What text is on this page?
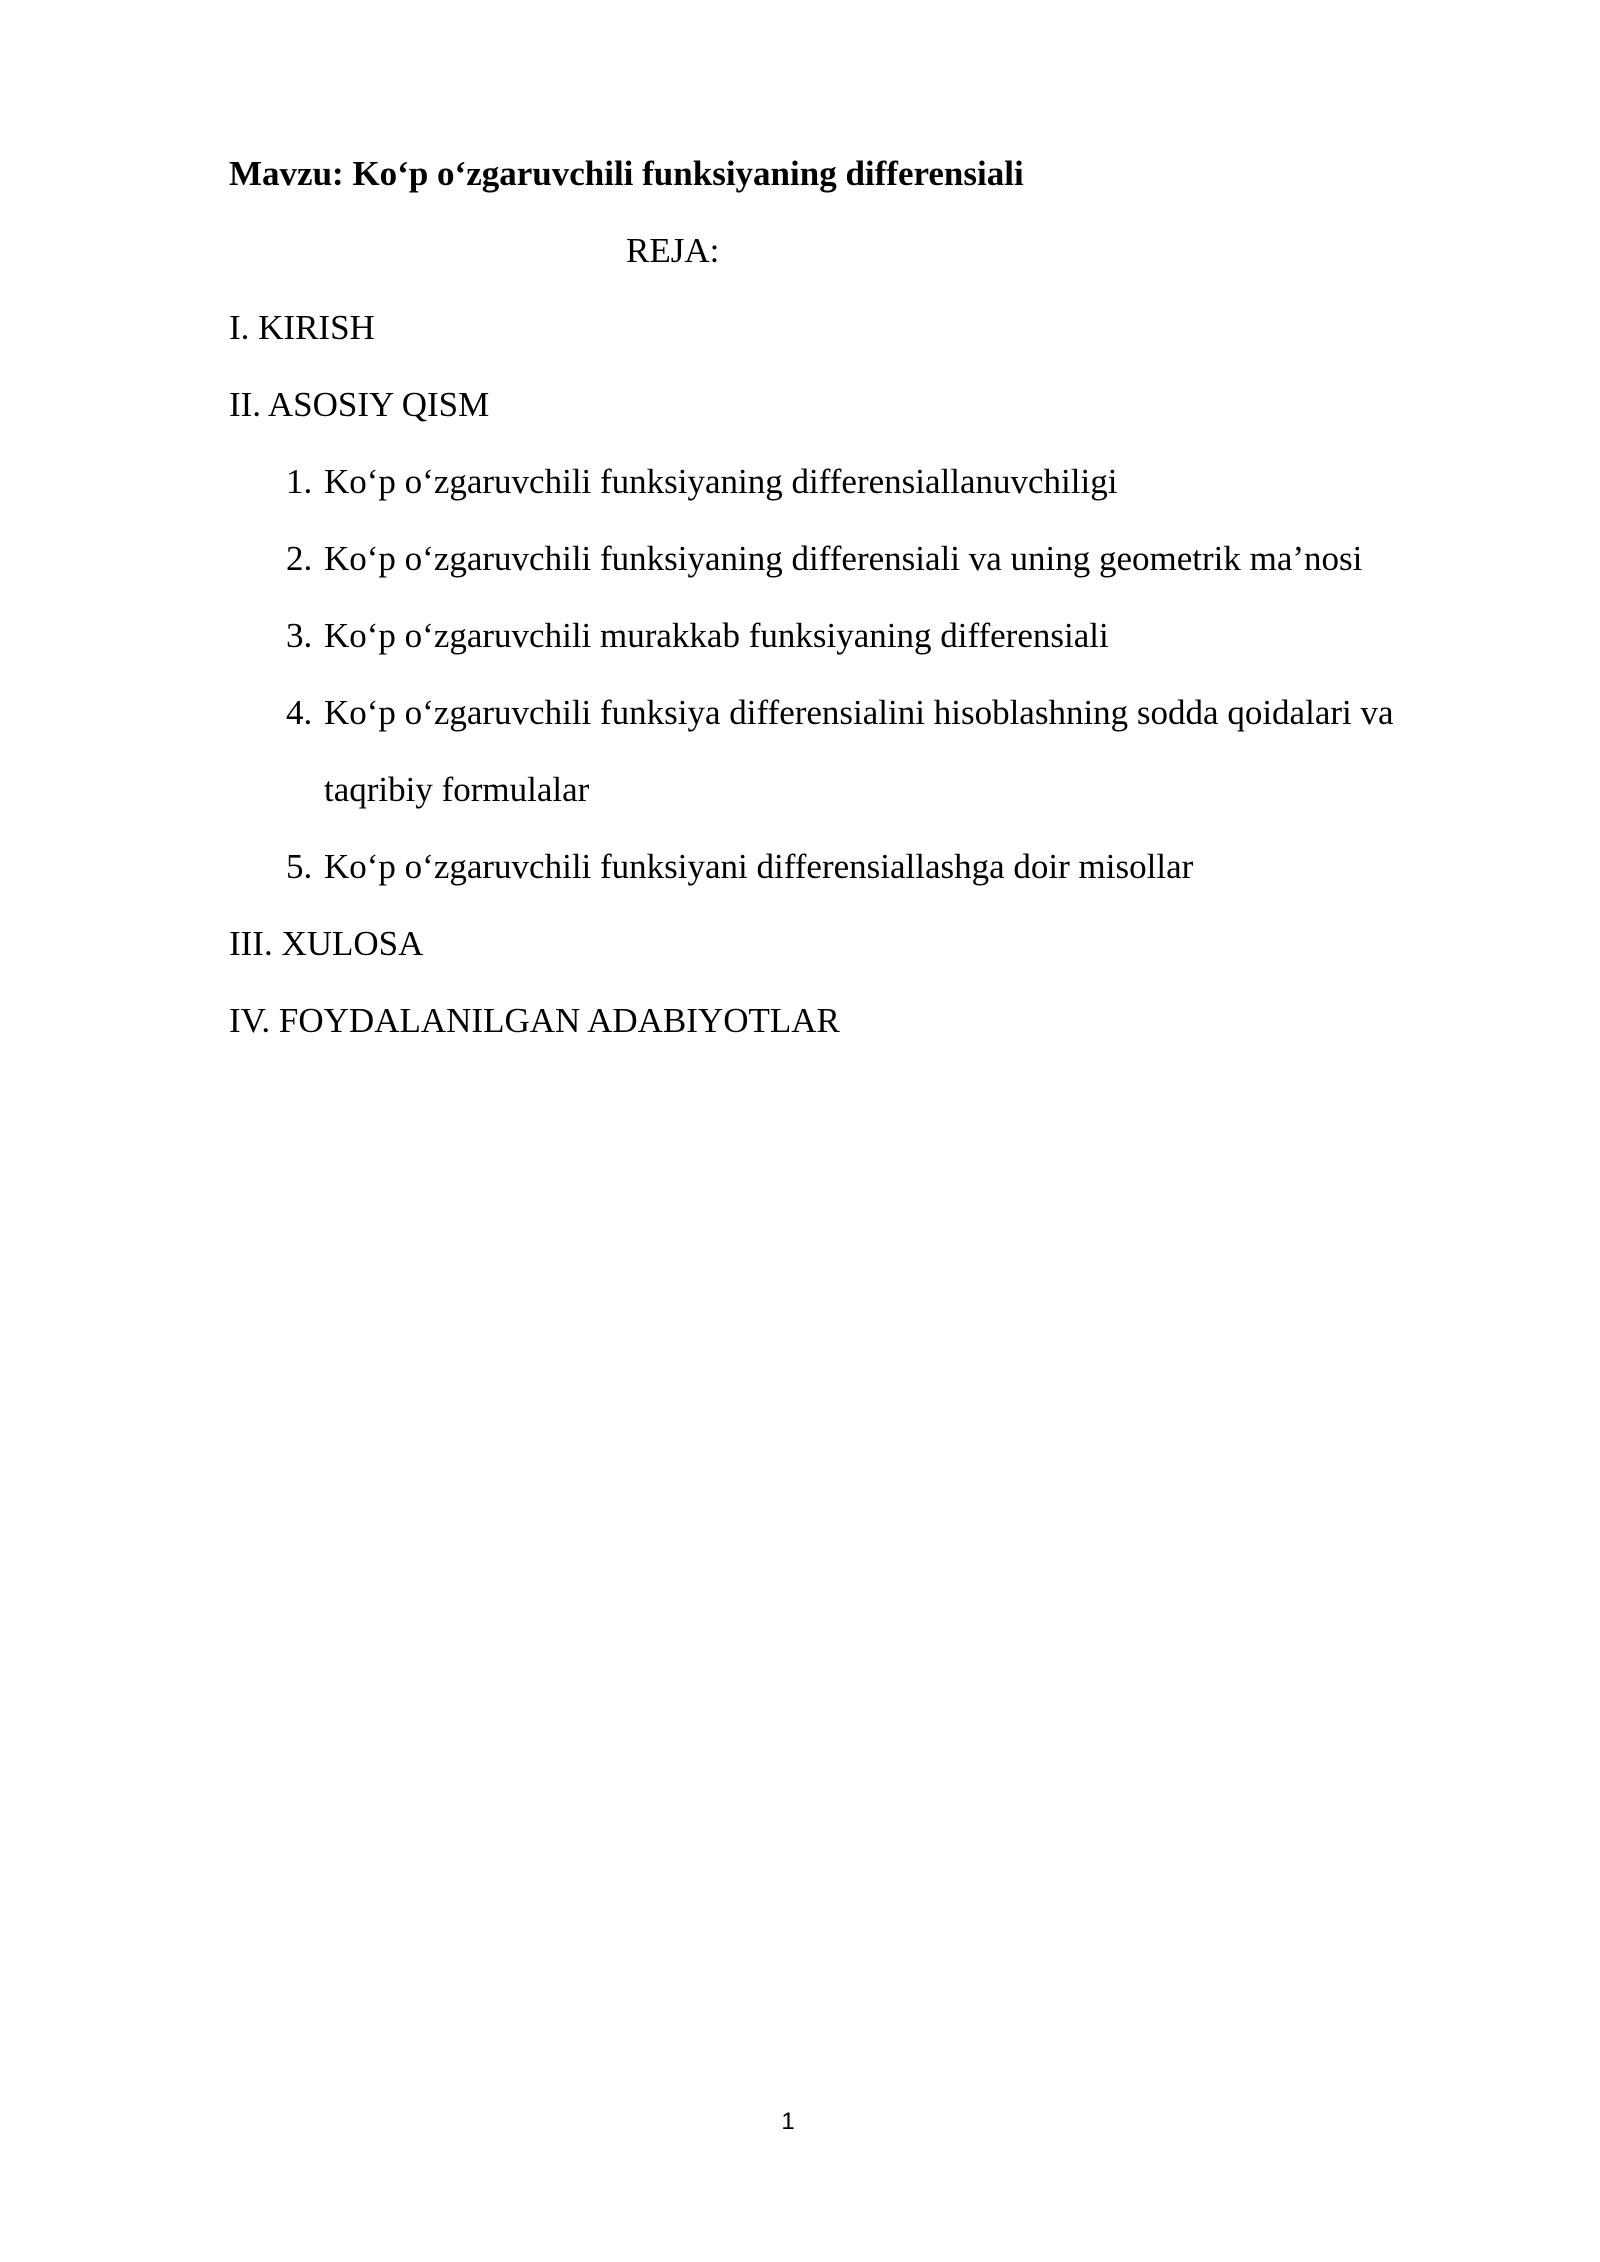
Mavzu: Ko‘p o‘zgaruvchili funksiyaning differensiali
REJA:
I. KIRISH
II. ASOSIY QISM
1. Ko‘p o‘zgaruvchili funksiyaning differensiallanuvchiligi
2. Ko‘p o‘zgaruvchili funksiyaning differensiali va uning geometrik ma’nosi
3. Ko‘p o‘zgaruvchili murakkab funksiyaning differensiali
4. Ko‘p o‘zgaruvchili funksiya differensialini hisoblashning sodda qoidalari va
taqribiy formulalar
5. Ko‘p o‘zgaruvchili funksiyani differensiallashga doir misollar
III. XULOSA
IV. FOYDALANILGAN ADABIYOTLAR
1
